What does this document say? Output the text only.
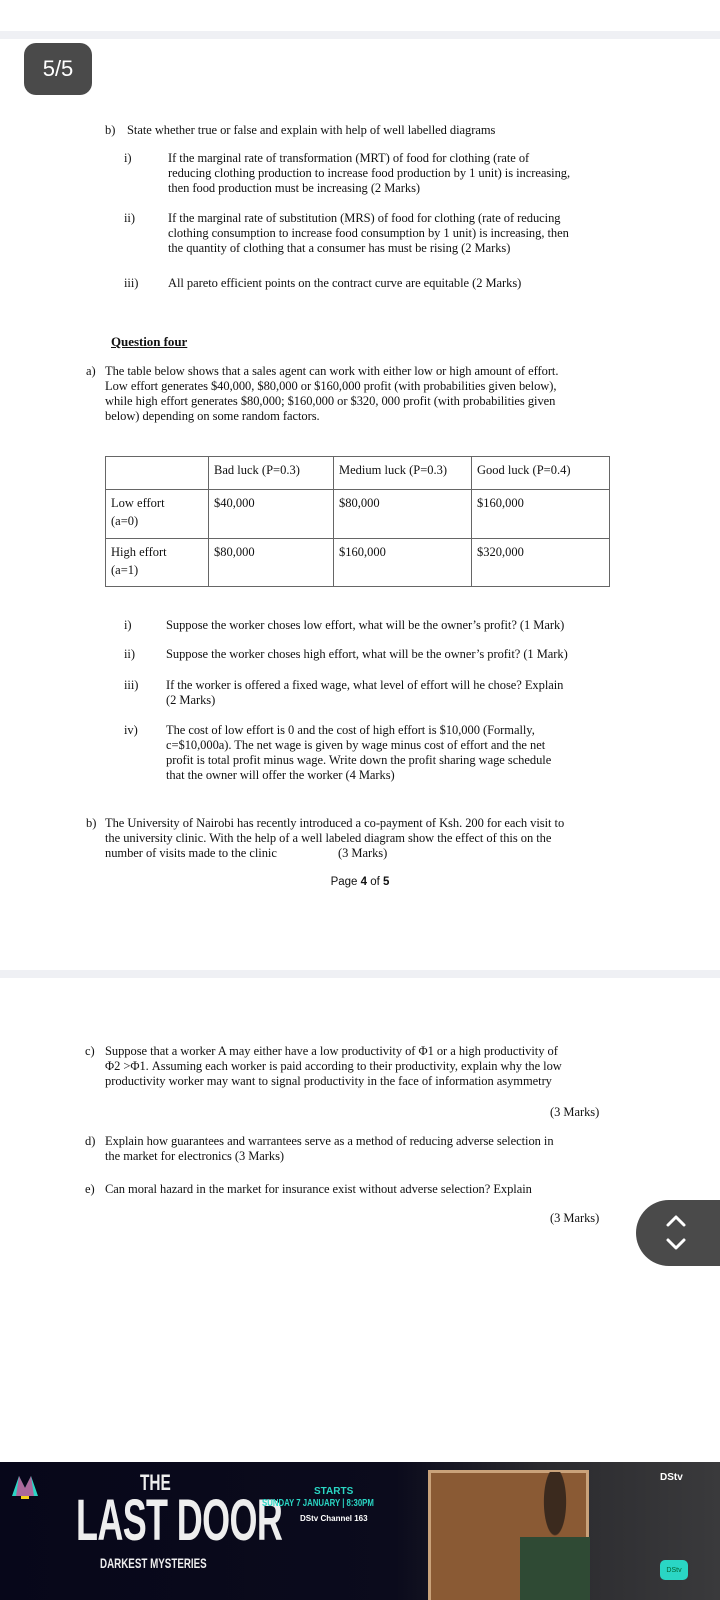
5/5
b) State whether true or false and explain with help of well labelled diagrams
i)	If the marginal rate of transformation (MRT) of food for clothing (rate of
reducing clothing production to increase food production by 1 unit) is increasing,
then food production must be increasing (2 Marks)
ii)	If the marginal rate of substitution (MRS) of food for clothing (rate of reducing
clothing consumption to increase food consumption by 1 unit) is increasing, then
the quantity of clothing that a consumer has must be rising (2 Marks)
iii) All pareto efficient points on the contract curve are equitable (2 Marks)
Question four
a) The table below shows that a sales agent can work with either low or high amount of effort.
Low effort generates $40,000, $80,000 or $160,000 profit (with probabilities given below),
while high effort generates $80,000; $160,000 or $320, 000 profit (with probabilities given
below) depending on some random factors.
	Bad luck (P=0.3)	Medium luck (P=0.3)	Good luck (P=0.4)
Low effort
(a=0)	$40,000	$80,000	$160,000
High effort
(a=1)	$80,000	$160,000	$320,000
i)	Suppose the worker choses low effort, what will be the owner’s profit? (1 Mark)
ii) Suppose the worker choses high effort, what will be the owner’s profit? (1 Mark)
iii) If the worker is offered a fixed wage, what level of effort will he chose? Explain
(2 Marks)
iv) The cost of low effort is 0 and the cost of high effort is $10,000 (Formally,
c=$10,000a). The net wage is given by wage minus cost of effort and the net
profit is total profit minus wage. Write down the profit sharing wage schedule
that the owner will offer the worker (4 Marks)
b) The University of Nairobi has recently introduced a co-payment of Ksh. 200 for each visit to
the university clinic. With the help of a well labeled diagram show the effect of this on the
number of visits made to the clinic	(3 Marks)
Page 4 of 5
c) Suppose that a worker A may either have a low productivity of Φ1 or a high productivity of
Φ2 >Φ1. Assuming each worker is paid according to their productivity, explain why the low
productivity worker may want to signal productivity in the face of information asymmetry
(3 Marks)
d) Explain how guarantees and warrantees serve as a method of reducing adverse selection in
the market for electronics (3 Marks)
e) Can moral hazard in the market for insurance exist without adverse selection? Explain
(3 Marks)
THE
LAST DOOR
DARKEST MYSTERIES
STARTS
SUNDAY 7 JANUARY | 8:30PM
DStv Channel 163
DStv
DStv
